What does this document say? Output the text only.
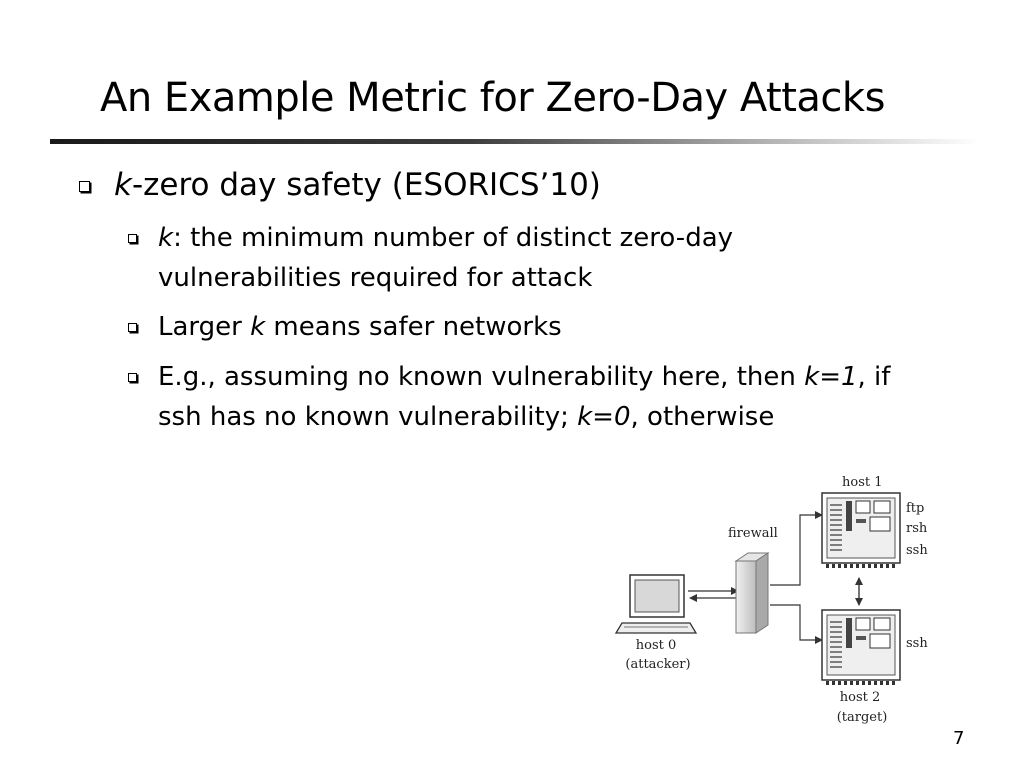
An Example Metric for Zero-Day Attacks
k-zero day safety (ESORICS’10)
k: the minimum number of distinct zero-day
vulnerabilities required for attack
Larger k means safer networks
E.g., assuming no known vulnerability here, then k=1, if
ssh has no known vulnerability; k=0, otherwise
firewall
host 0
(attacker)
host 1
ftp
rsh
ssh
ssh
host 2
(target)
7
